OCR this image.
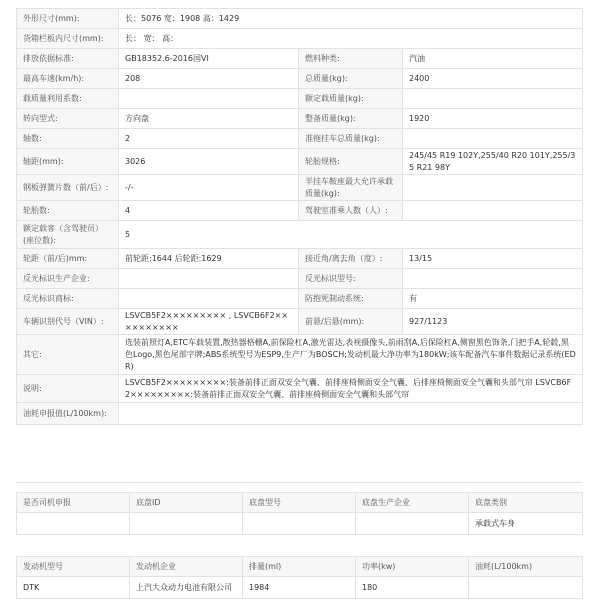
外形尺寸(mm):	长：5076 宽：1908 高：1429		
货箱栏板内尺寸(mm):	长： 宽： 高：		
排放依据标准:	GB18352.6-2016国VI	燃料种类:	汽油
最高车速(km/h):	208	总质量(kg):	2400
载质量利用系数:		额定载质量(kg):	
转向型式:	方向盘	整备质量(kg):	1920
轴数:	2	准拖挂车总质量(kg):	
轴距(mm):	3026	轮胎规格:	245/45 R19 102Y,255/40 R20 101Y,255/35 R21 98Y
钢板弹簧片数（前/后）:	-/-	半挂车鞍座最大允许承载质量(kg):	
轮胎数:	4	驾驶室准乘人数（人）:	
额定载客（含驾驶员）(座位数):	5		
轮距（前/后)mm:	前轮距:1644 后轮距:1629	接近角/离去角（度）:	13/15
反光标识生产企业:		反光标识型号:	
反光标识商标:		防抱死制动系统:	有
车辆识别代号（VIN）:	LSVCB5F2××××××××× , LSVCB6F2××××××××××	前悬/后悬(mm):	927/1123
其它:	选装前照灯A,ETC车载装置,散热器格栅A,前保险杠A,激光雷达,表视摄像头,前雨刮A,后保险杠A,侧窗黑色饰条,门把手A,轮毂,黑色Logo,黑色尾部字牌;ABS系统型号为ESP9,生产厂为BOSCH;发动机最大净功率为180kW;该车配备汽车事件数据记录系统(EDR)		
说明:	LSVCB5F2×××××××××:装备前排正面双安全气囊、前排座椅侧面安全气囊、后排座椅侧面安全气囊和头部气帘 LSVCB6F2×××××××××:装备前排正面双安全气囊、前排座椅侧面安全气囊和头部气帘		
油耗申报值(L/100km):			
是否司机申报	底盘ID	底盘型号	底盘生产企业	底盘类别
				承载式车身
发动机型号	发动机企业	排量(ml)	功率(kw)	油耗(L/100km)
DTK	上汽大众动力电池有限公司	1984	180	
